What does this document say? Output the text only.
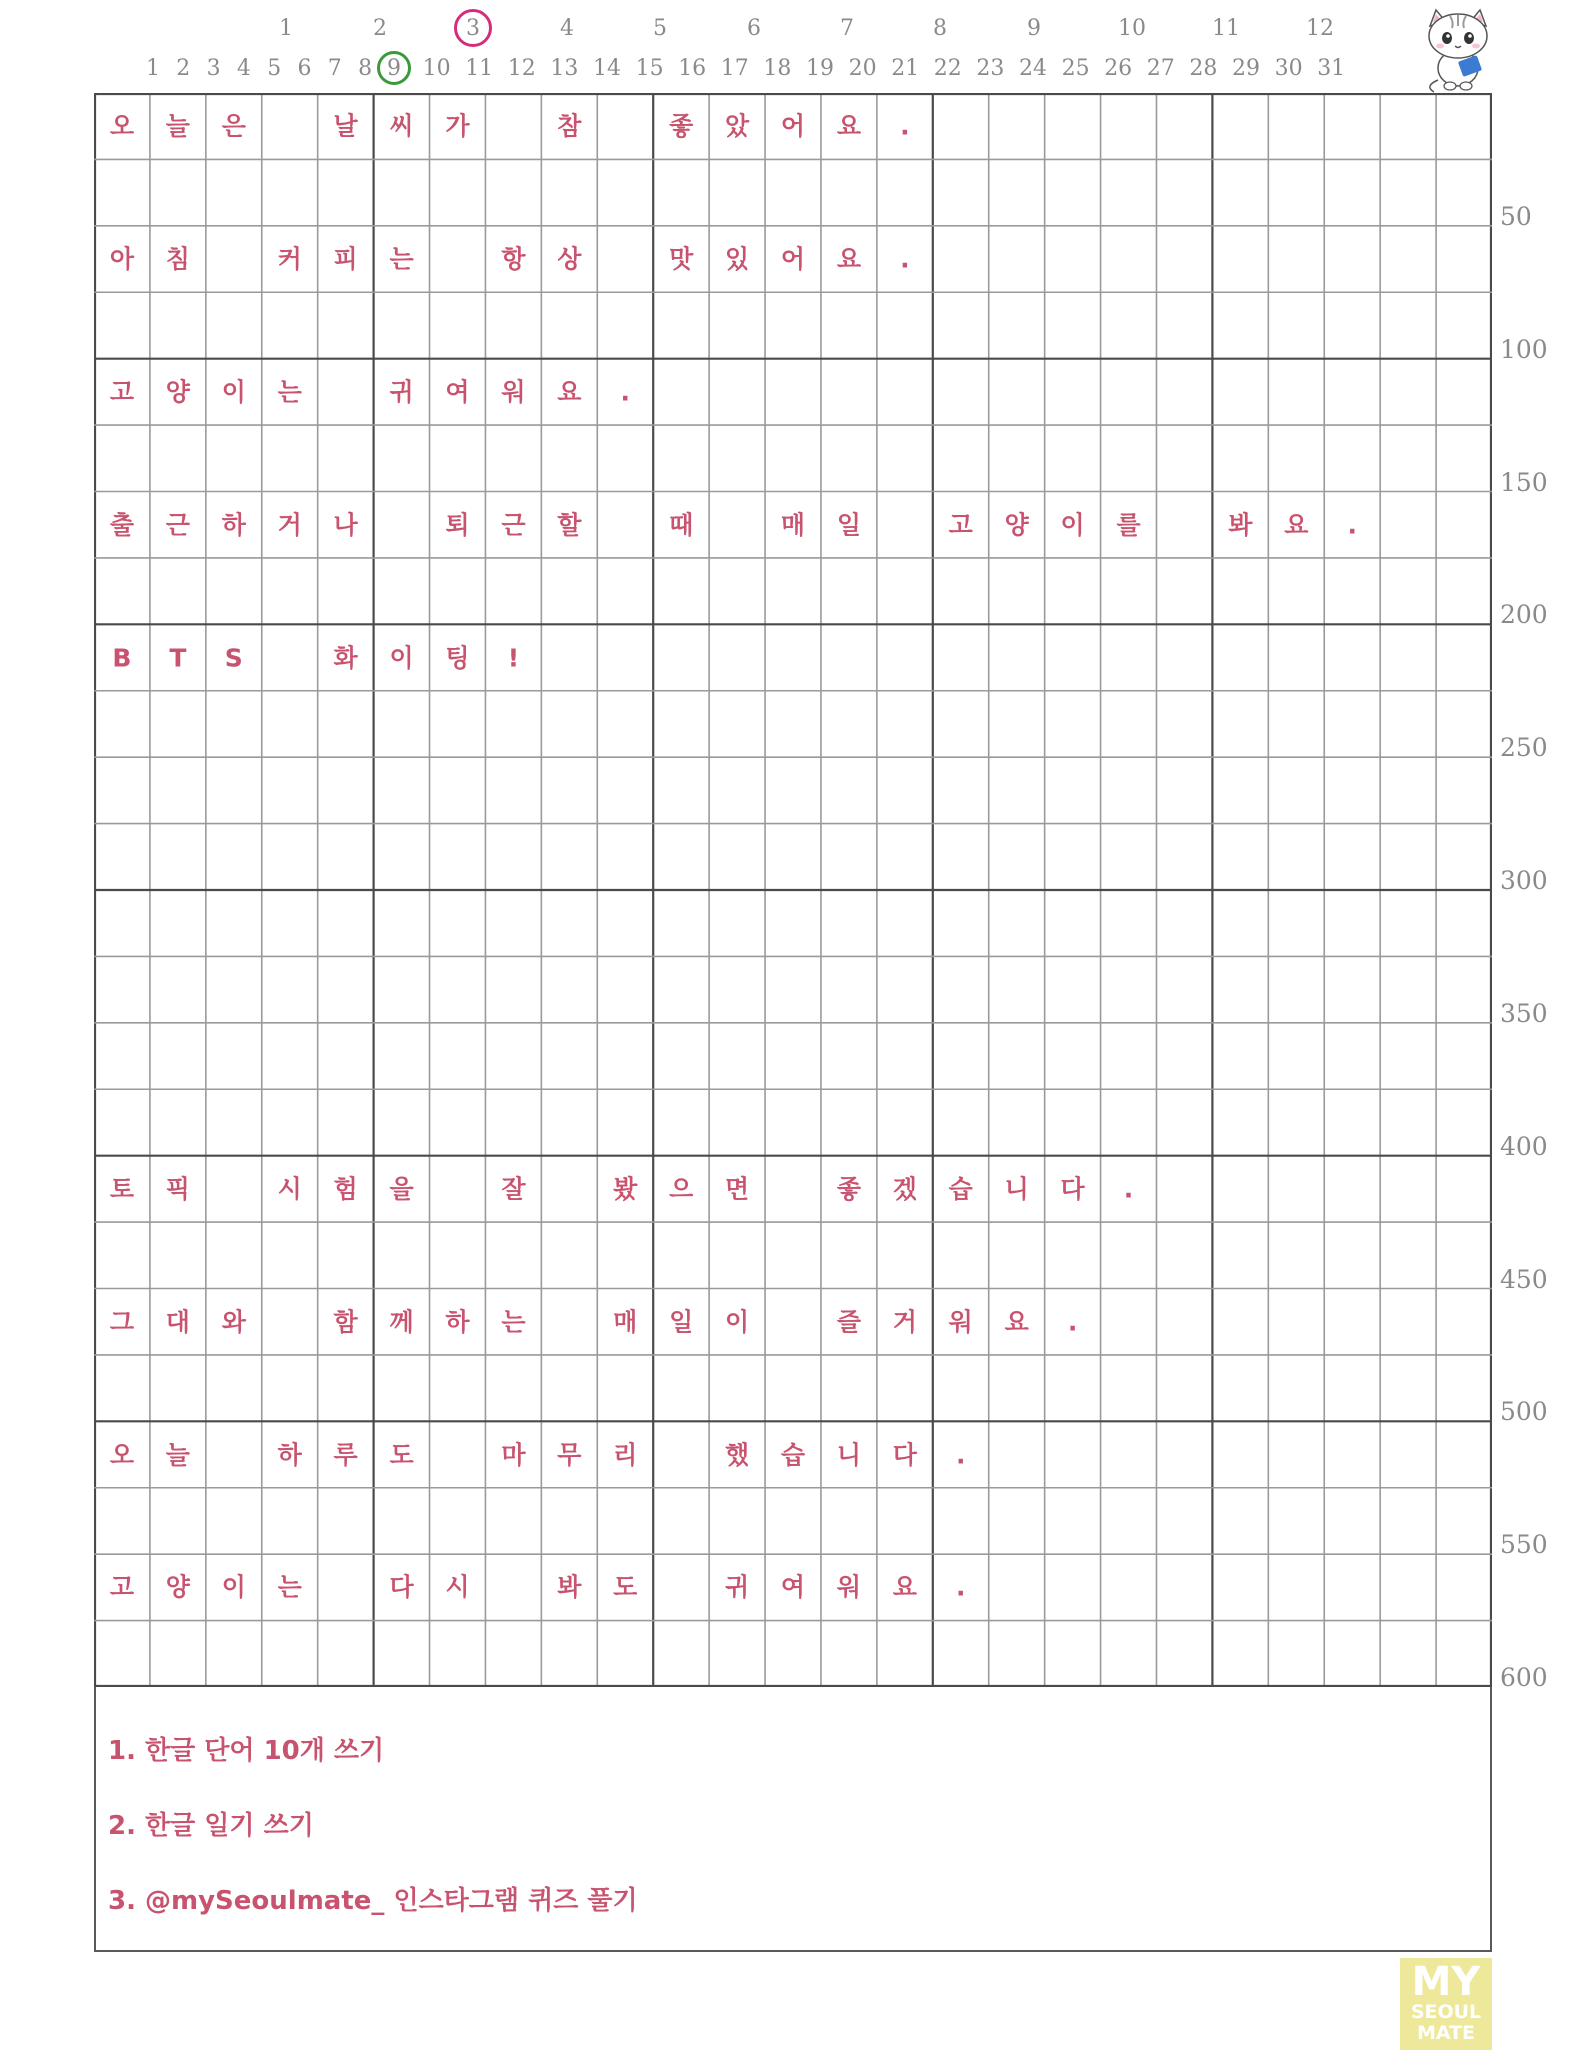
1	2	3	4	5	6	7	8	9	10	11	12
1 2 3 4 5 6 7 8 9 10 11 12 13 14 15 16 17 18 19 20 21 22 23 24 25 26 27 28 29 30 31
50
100
150
200
250
300
350
400
450
500
550
600
오 늘 은	날 씨 가	참	좋 았 어 요 .
아 침	커 피 는	항 상	맛 있 어 요 .
고 양 이 는	귀 여 워 요 .
출 근 하 거 나	퇴 근 할	때	매 일	고 양 이 를	봐 요 .
B T S	화 이 팅 !
토 픽	시 험 을	잘	봤 으 면	좋 겠 습 니 다 .
그 대 와	함 께 하 는	매 일 이	즐 거 워 요 .
오 늘	하 루 도	마 무 리	했 습 니 다 .
고 양 이 는	다 시	봐 도	귀 여 워 요 .
1. 한글 단어 10개 쓰기
2. 한글 일기 쓰기
3. @mySeoulmate_ 인스타그램 퀴즈 풀기
MY
SEOUL
MATE
